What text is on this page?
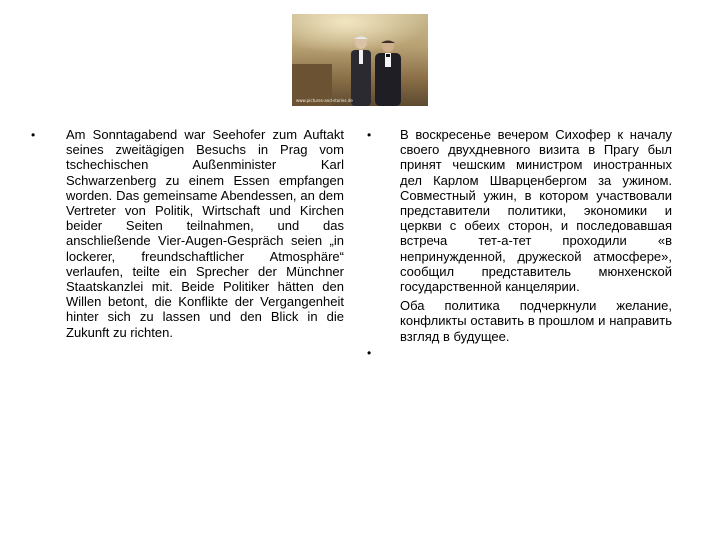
www.pictures-and-stories.de
• Am Sonntagabend war Seehofer zum Auftakt seines zweitägigen Besuchs in Prag vom tschechischen Außenminister Karl Schwarzenberg zu einem Essen empfangen worden. Das gemeinsame Abendessen, an dem Vertreter von Politik, Wirtschaft und Kirchen beider Seiten teilnahmen, und das anschließende Vier-Augen-Gespräch seien „in lockerer, freundschaftlicher Atmosphäre“ verlaufen, teilte ein Sprecher der Münchner Staatskanzlei mit. Beide Politiker hätten den Willen betont, die Konflikte der Vergangenheit hinter sich zu lassen und den Blick in die Zukunft zu richten.

•
•

В воскресенье вечером Сихофер к началу своего двухдневного визита в Прагу был принят чешским министром иностранных дел Карлом Шварценбергом за ужином. Совместный ужин, в котором участвовали представители политики, экономики и церкви с обеих сторон, и последовавшая встреча тет-а-тет проходили «в непринужденной, дружеской атмосфере», сообщил представитель мюнхенской государственной канцелярии.

Оба политика подчеркнули желание, конфликты оставить в прошлом и направить взгляд в будущее.
